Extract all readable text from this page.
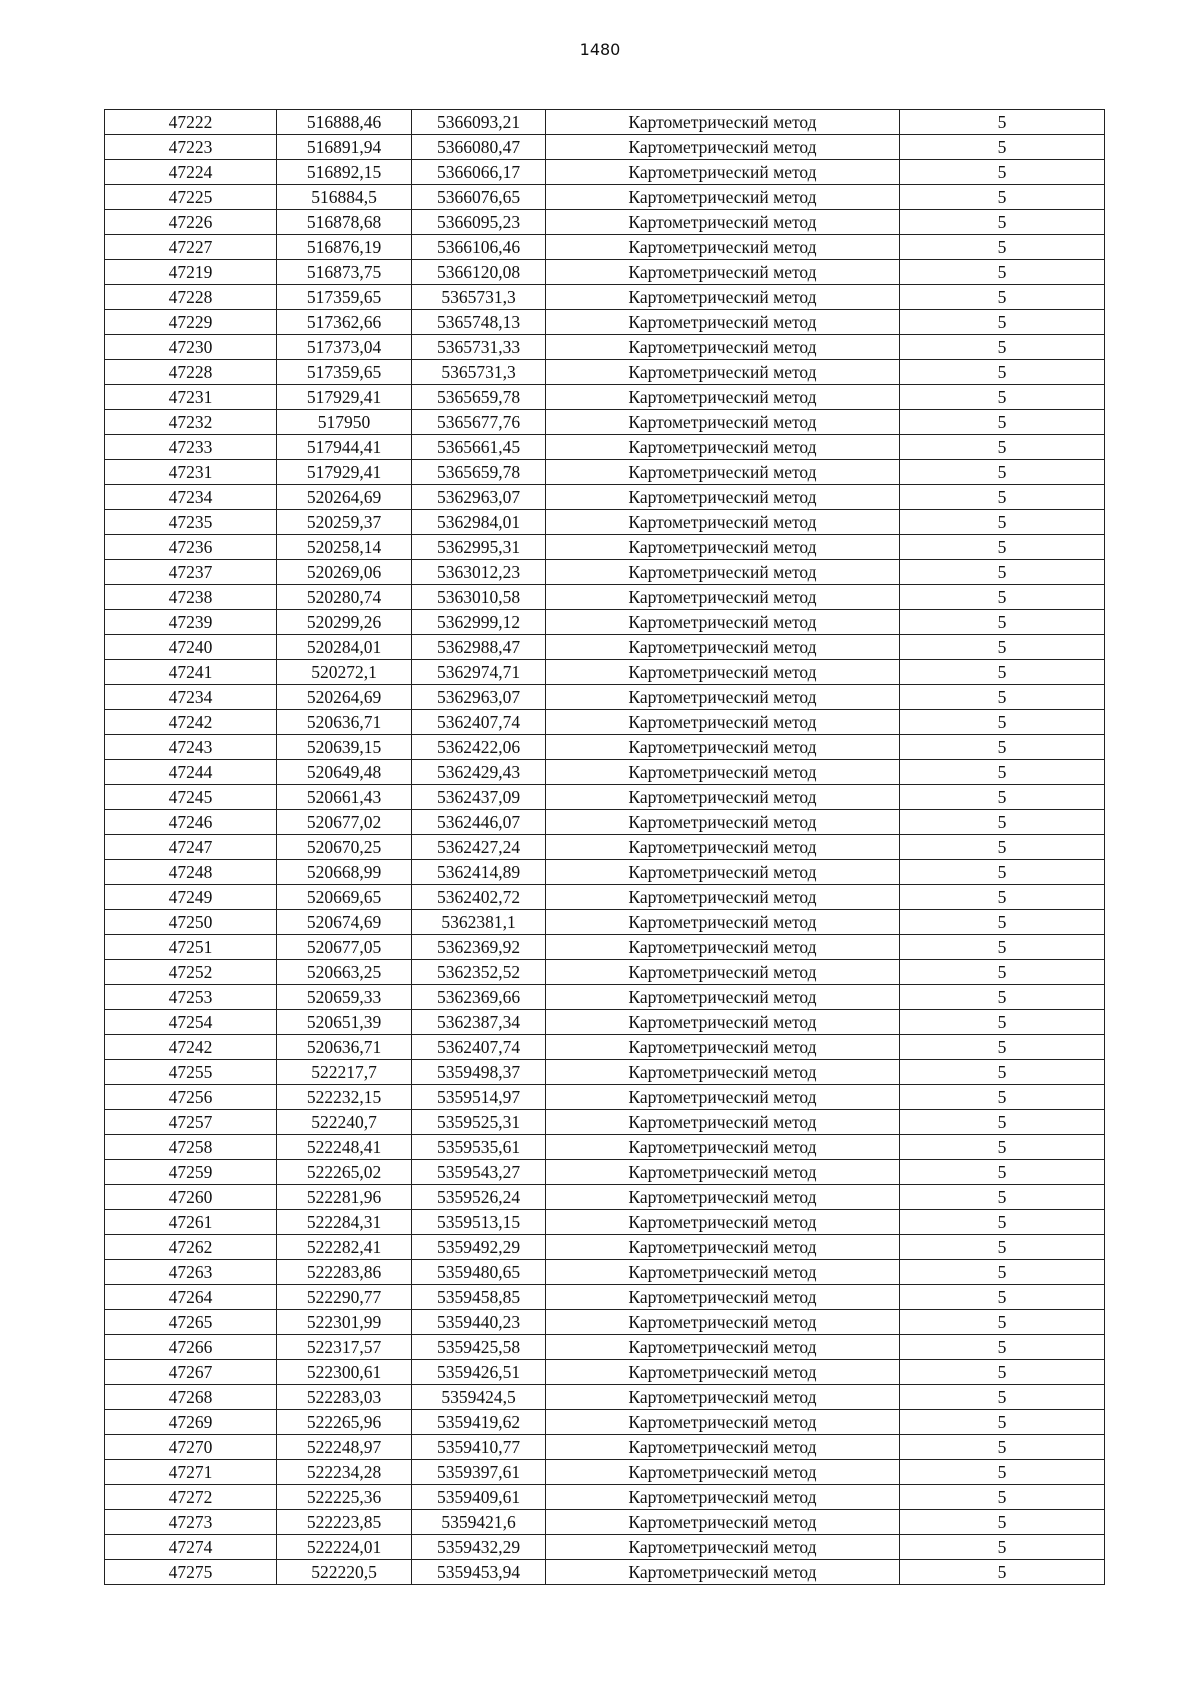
1480
47222	516888,46	5366093,21	Картометрический метод	5
47223	516891,94	5366080,47	Картометрический метод	5
47224	516892,15	5366066,17	Картометрический метод	5
47225	516884,5	5366076,65	Картометрический метод	5
47226	516878,68	5366095,23	Картометрический метод	5
47227	516876,19	5366106,46	Картометрический метод	5
47219	516873,75	5366120,08	Картометрический метод	5
47228	517359,65	5365731,3	Картометрический метод	5
47229	517362,66	5365748,13	Картометрический метод	5
47230	517373,04	5365731,33	Картометрический метод	5
47228	517359,65	5365731,3	Картометрический метод	5
47231	517929,41	5365659,78	Картометрический метод	5
47232	517950	5365677,76	Картометрический метод	5
47233	517944,41	5365661,45	Картометрический метод	5
47231	517929,41	5365659,78	Картометрический метод	5
47234	520264,69	5362963,07	Картометрический метод	5
47235	520259,37	5362984,01	Картометрический метод	5
47236	520258,14	5362995,31	Картометрический метод	5
47237	520269,06	5363012,23	Картометрический метод	5
47238	520280,74	5363010,58	Картометрический метод	5
47239	520299,26	5362999,12	Картометрический метод	5
47240	520284,01	5362988,47	Картометрический метод	5
47241	520272,1	5362974,71	Картометрический метод	5
47234	520264,69	5362963,07	Картометрический метод	5
47242	520636,71	5362407,74	Картометрический метод	5
47243	520639,15	5362422,06	Картометрический метод	5
47244	520649,48	5362429,43	Картометрический метод	5
47245	520661,43	5362437,09	Картометрический метод	5
47246	520677,02	5362446,07	Картометрический метод	5
47247	520670,25	5362427,24	Картометрический метод	5
47248	520668,99	5362414,89	Картометрический метод	5
47249	520669,65	5362402,72	Картометрический метод	5
47250	520674,69	5362381,1	Картометрический метод	5
47251	520677,05	5362369,92	Картометрический метод	5
47252	520663,25	5362352,52	Картометрический метод	5
47253	520659,33	5362369,66	Картометрический метод	5
47254	520651,39	5362387,34	Картометрический метод	5
47242	520636,71	5362407,74	Картометрический метод	5
47255	522217,7	5359498,37	Картометрический метод	5
47256	522232,15	5359514,97	Картометрический метод	5
47257	522240,7	5359525,31	Картометрический метод	5
47258	522248,41	5359535,61	Картометрический метод	5
47259	522265,02	5359543,27	Картометрический метод	5
47260	522281,96	5359526,24	Картометрический метод	5
47261	522284,31	5359513,15	Картометрический метод	5
47262	522282,41	5359492,29	Картометрический метод	5
47263	522283,86	5359480,65	Картометрический метод	5
47264	522290,77	5359458,85	Картометрический метод	5
47265	522301,99	5359440,23	Картометрический метод	5
47266	522317,57	5359425,58	Картометрический метод	5
47267	522300,61	5359426,51	Картометрический метод	5
47268	522283,03	5359424,5	Картометрический метод	5
47269	522265,96	5359419,62	Картометрический метод	5
47270	522248,97	5359410,77	Картометрический метод	5
47271	522234,28	5359397,61	Картометрический метод	5
47272	522225,36	5359409,61	Картометрический метод	5
47273	522223,85	5359421,6	Картометрический метод	5
47274	522224,01	5359432,29	Картометрический метод	5
47275	522220,5	5359453,94	Картометрический метод	5
